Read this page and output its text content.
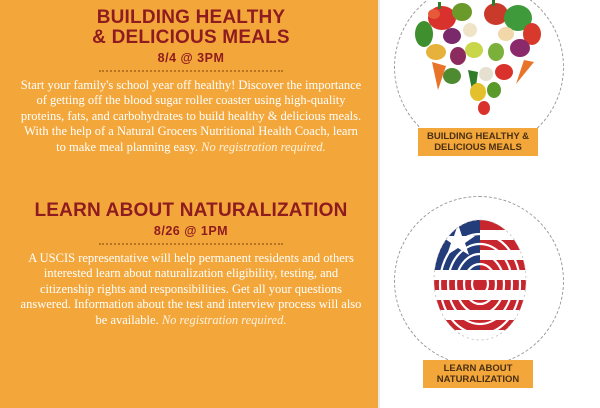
BUILDING HEALTHY
& DELICIOUS MEALS
8/4 @ 3PM
Start your family's school year off healthy! Discover the importance of getting off the blood sugar roller coaster using high-quality proteins, fats, and carbohydrates to build healthy & delicious meals. With the help of a Natural Grocers Nutritional Health Coach, learn to make meal planning easy. No registration required.
LEARN ABOUT NATURALIZATION
8/26 @ 1PM
A USCIS representative will help permanent residents and others interested learn about naturalization eligibility, testing, and citizenship rights and responsibilities. Get all your questions answered. Information about the test and interview process will also be available. No registration required.
BUILDING HEALTHY &
DELICIOUS MEALS
LEARN ABOUT
NATURALIZATION
